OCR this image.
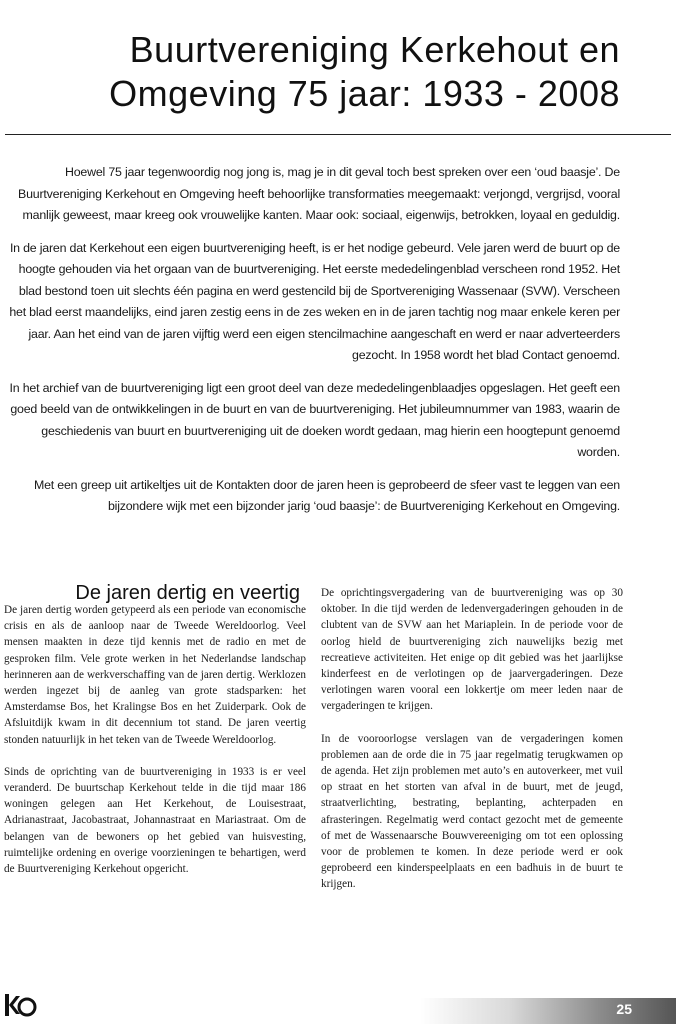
Buurtvereniging Kerkehout en
Omgeving 75 jaar: 1933 - 2008

Hoewel 75 jaar tegenwoordig nog jong is, mag je in dit geval toch best spreken over een ‘oud baasje’. De Buurtvereniging Kerkehout en Omgeving heeft behoorlijke transformaties meegemaakt: verjongd, vergrijsd, vooral manlijk geweest, maar kreeg ook vrouwelijke kanten. Maar ook: sociaal, eigenwijs, betrokken, loyaal en geduldig.

In de jaren dat Kerkehout een eigen buurtvereniging heeft, is er het nodige gebeurd. Vele jaren werd de buurt op de hoogte gehouden via het orgaan van de buurtvereniging. Het eerste mededelingenblad verscheen rond 1952. Het blad bestond toen uit slechts één pagina en werd gestencild bij de Sportvereniging Wassenaar (SVW). Verscheen het blad eerst maandelijks, eind jaren zestig eens in de zes weken en in de jaren tachtig nog maar enkele keren per jaar. Aan het eind van de jaren vijftig werd een eigen stencilmachine aangeschaft en werd er naar adverteerders gezocht. In 1958 wordt het blad Contact genoemd.

In het archief van de buurtvereniging ligt een groot deel van deze mededelingenblaadjes opgeslagen. Het geeft een goed beeld van de ontwikkelingen in de buurt en van de buurtvereniging. Het jubileumnummer van 1983, waarin de geschiedenis van buurt en buurtvereniging uit de doeken wordt gedaan, mag hierin een hoogtepunt genoemd worden.

Met een greep uit artikeltjes uit de Kontakten door de jaren heen is geprobeerd de sfeer vast te leggen van een bijzondere wijk met een bijzonder jarig ‘oud baasje’: de Buurtvereniging Kerkehout en Omgeving.

De jaren dertig en veertig

De jaren dertig worden getypeerd als een periode van economische crisis en als de aanloop naar de Tweede Wereldoorlog. Veel mensen maakten in deze tijd kennis met de radio en met de gesproken film. Vele grote werken in het Nederlandse landschap herinneren aan de werkverschaffing van de jaren dertig. Werklozen werden ingezet bij de aanleg van grote stadsparken: het Amsterdamse Bos, het Kralingse Bos en het Zuiderpark. Ook de Afsluitdijk kwam in dit decennium tot stand. De jaren veertig stonden natuurlijk in het teken van de Tweede Wereldoorlog.

Sinds de oprichting van de buurtvereniging in 1933 is er veel veranderd. De buurtschap Kerkehout telde in die tijd maar 186 woningen gelegen aan Het Kerkehout, de Louisestraat, Adrianastraat, Jacobastraat, Johannastraat en Mariastraat. Om de belangen van de bewoners op het gebied van huisvesting, ruimtelijke ordening en overige voorzieningen te behartigen, werd de Buurtvereniging Kerkehout opgericht.

De oprichtingsvergadering van de buurtvereniging was op 30 oktober. In die tijd werden de ledenvergaderingen gehouden in de clubtent van de SVW aan het Mariaplein. In de periode voor de oorlog hield de buurtvereniging zich nauwelijks bezig met recreatieve activiteiten. Het enige op dit gebied was het jaarlijkse kinderfeest en de verlotingen op de jaarvergaderingen. Deze verlotingen waren vooral een lokkertje om meer leden naar de vergaderingen te krijgen.

In de vooroorlogse verslagen van de vergaderingen komen problemen aan de orde die in 75 jaar regelmatig terugkwamen op de agenda. Het zijn problemen met auto’s en autoverkeer, met vuil op straat en het storten van afval in de buurt, met de jeugd, straatverlichting, bestrating, beplanting, achterpaden en afrasteringen. Regelmatig werd contact gezocht met de gemeente of met de Wassenaarsche Bouwvereeniging om tot een oplossing voor de problemen te komen. In deze periode werd er ook geprobeerd een kinderspeelplaats en een badhuis in de buurt te krijgen.

25
